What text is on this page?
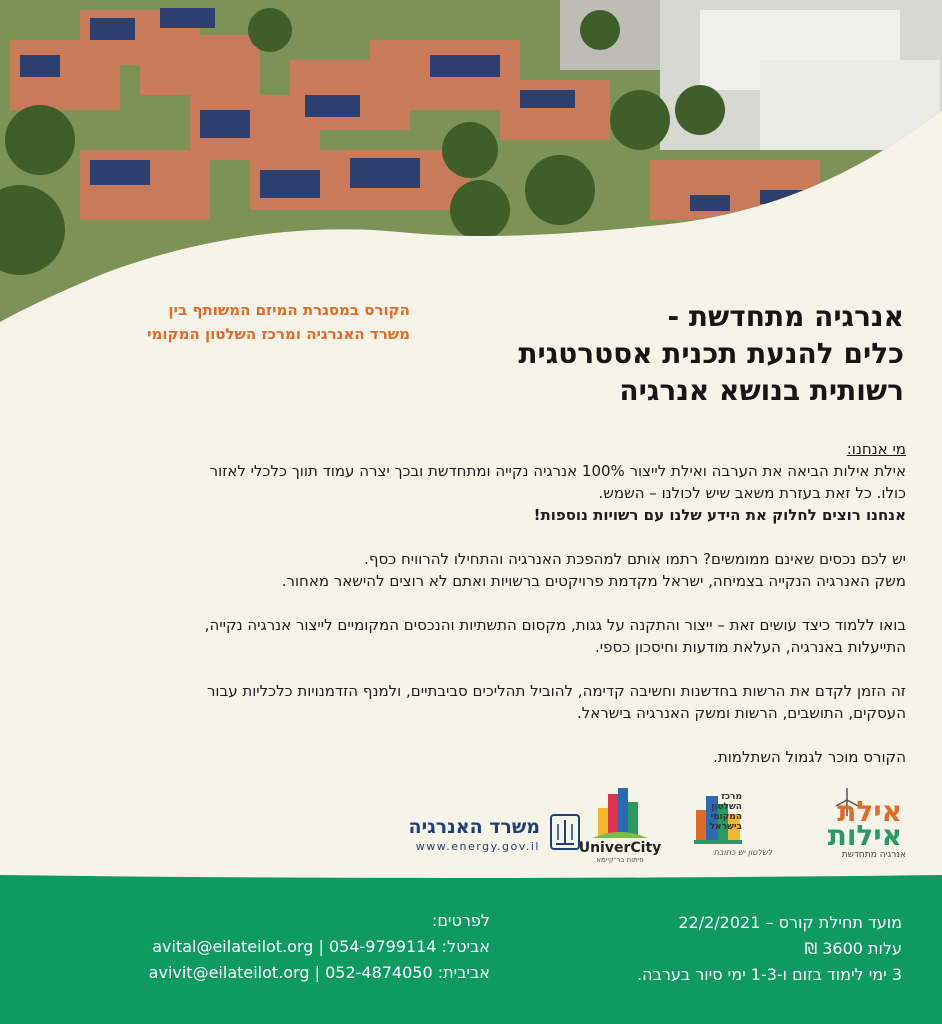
אנרגיה מתחדשת -
כלים להנעת תכנית אסטרטגית
רשותית בנושא אנרגיה
הקורס במסגרת המיזם המשותף בין
משרד האנרגיה ומרכז השלטון המקומי

מי אנחנו:
אילת אילות הביאה את הערבה ואילת לייצור 100% אנרגיה נקייה ומתחדשת ובכך יצרה עמוד תווך כלכלי לאזור
כולו. כל זאת בעזרת משאב שיש לכולנו – השמש.
אנחנו רוצים לחלוק את הידע שלנו עם רשויות נוספות!

יש לכם נכסים שאינם ממומשים? רתמו אותם למהפכת האנרגיה והתחילו להרוויח כסף.
משק האנרגיה הנקייה בצמיחה, ישראל מקדמת פרויקטים ברשויות ואתם לא רוצים להישאר מאחור.

בואו ללמוד כיצד עושים זאת – ייצור והתקנה על גגות, מקסום התשתיות והנכסים המקומיים לייצור אנרגיה נקייה,
התייעלות באנרגיה, העלאת מודעות וחיסכון כספי.

זה הזמן לקדם את הרשות בחדשנות וחשיבה קדימה, להוביל תהליכים סביבתיים, ולמנף הזדמנויות כלכליות עבור
העסקים, התושבים, הרשות ומשק האנרגיה בישראל.

הקורס מוכר לגמול השתלמות.

אילת
אילות
אנרגיה מתחדשת
מרכז
השלטון
המקומי
בישראל
לשלטון יש כתובת
UniverCity
פיתוח בר־קיימא
משרד האנרגיה
www.energy.gov.il
מועד תחילת קורס – 22/2/2021
עלות 3600 ₪
3 ימי לימוד בזום ו-1-3 ימי סיור בערבה.
לפרטים:
אביטל: avital@eilateilot.org | 054-9799114
אביבית: avivit@eilateilot.org | 052-4874050
